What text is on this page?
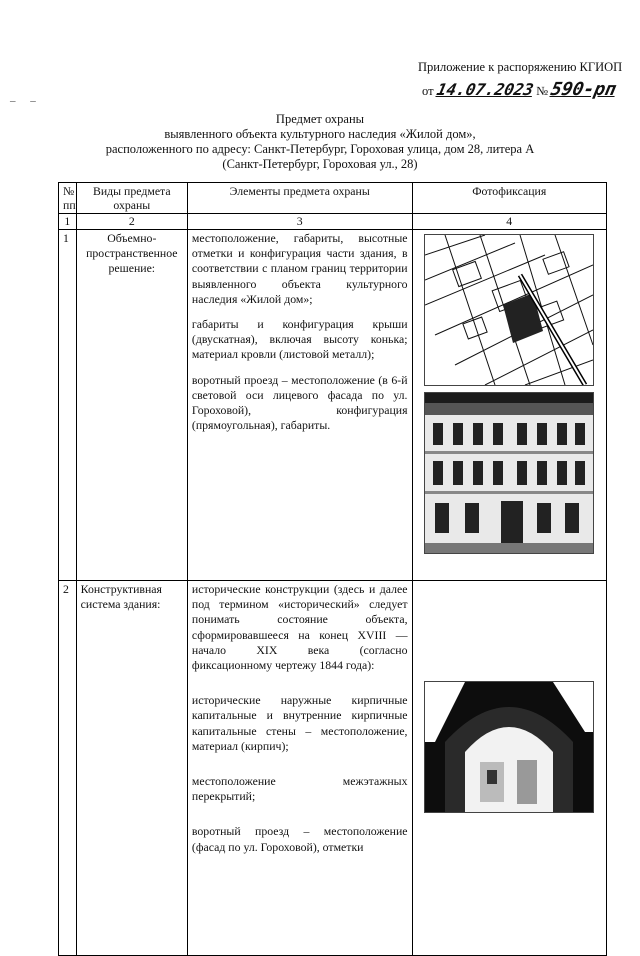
– –
Приложение к распоряжению КГИОП
от 14.07.2023 № 590-рп
Предмет охраны
выявленного объекта культурного наследия «Жилой дом»,
расположенного по адресу: Санкт-Петербург, Гороховая улица, дом 28, литера А
(Санкт-Петербург, Гороховая ул., 28)
№ пп	Виды предмета охраны	Элементы предмета охраны	Фотофиксация
1	2	3	4
1	Объемно-пространственное решение:	местоположение, габариты, высотные отметки и конфигурация части здания, в соответствии с планом границ территории выявленного объекта культурного наследия «Жилой дом»;

габариты и конфигурация крыши (двускатная), включая высоту конька; материал кровли (листовой металл);

воротный проезд – местоположение (в 6-й световой оси лицевого фасада по ул. Гороховой), конфигурация (прямоугольная), габариты.

2	Конструктивная система здания:	исторические конструкции (здесь и далее под термином «исторический» следует понимать состояние объекта, сформировавшееся на конец XVIII — начало XIX века (согласно фиксационному чертежу 1844 года):

исторические наружные кирпичные капитальные и внутренние кирпичные капитальные стены – местоположение, материал (кирпич);

местоположение межэтажных перекрытий;

воротный проезд – местоположение (фасад по ул. Гороховой), отметки
